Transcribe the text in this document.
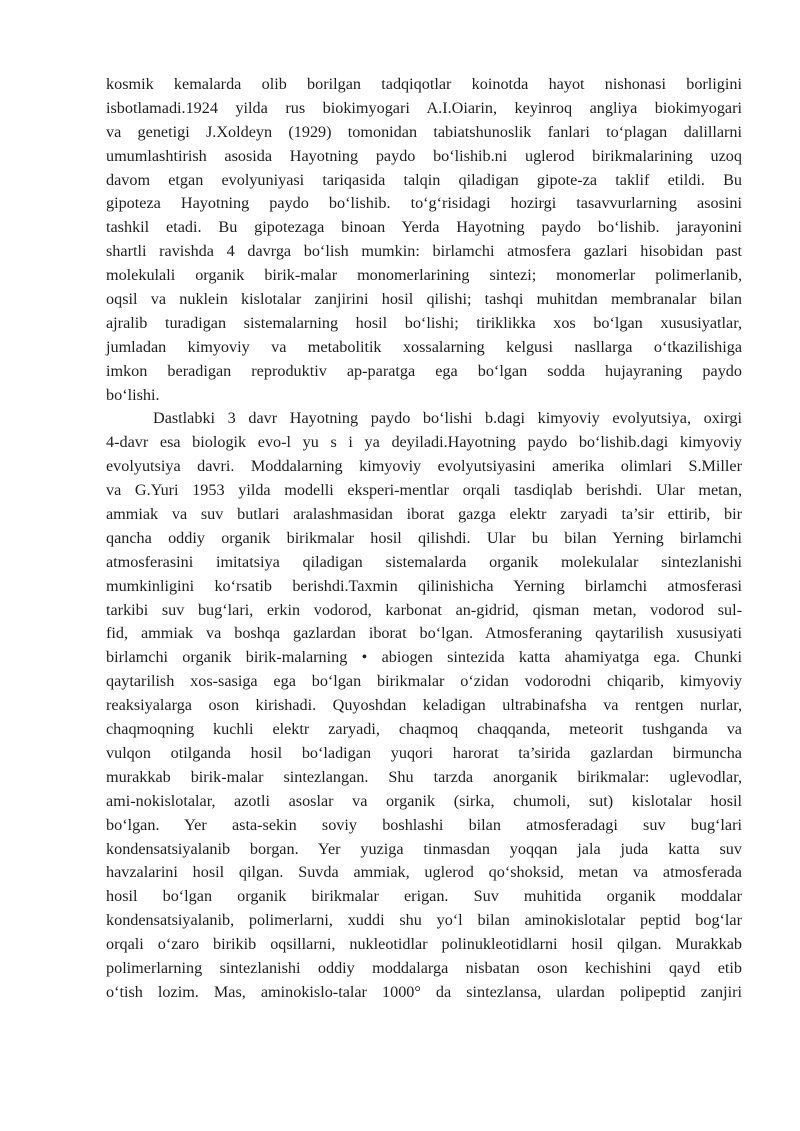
kosmik kemalarda olib borilgan tadqiqotlar koinotda hayot nishonasi borligini
isbotlamadi.1924 yilda rus biokimyogari A.I.Oiarin, keyinroq angliya biokimyogari
va genetigi J.Xoldeyn (1929) tomonidan tabiatshunoslik fanlari to‘plagan dalillarni
umumlashtirish asosida Hayotning paydo bo‘lishib.ni uglerod birikmalarining uzoq
davom etgan evolyuniyasi tariqasida talqin qiladigan gipote-za taklif etildi. Bu
gipoteza Hayotning paydo bo‘lishib. to‘g‘risidagi hozirgi tasavvurlarning asosini
tashkil etadi. Bu gipotezaga binoan Yerda Hayotning paydo bo‘lishib. jarayonini
shartli ravishda 4 davrga bo‘lish mumkin: birlamchi atmosfera gazlari hisobidan past
molekulali organik birik-malar monomerlarining sintezi; monomerlar polimerlanib,
oqsil va nuklein kislotalar zanjirini hosil qilishi; tashqi muhitdan membranalar bilan
ajralib turadigan sistemalarning hosil bo‘lishi; tiriklikka xos bo‘lgan xususiyatlar,
jumladan kimyoviy va metabolitik xossalarning kelgusi nasllarga o‘tkazilishiga
imkon beradigan reproduktiv ap-paratga ega bo‘lgan sodda hujayraning paydo
bo‘lishi.
Dastlabki 3 davr Hayotning paydo bo‘lishi b.dagi kimyoviy evolyutsiya, oxirgi
4-davr esa biologik evo-l yu s i ya deyiladi.Hayotning paydo bo‘lishib.dagi kimyoviy
evolyutsiya davri. Moddalarning kimyoviy evolyutsiyasini amerika olimlari S.Miller
va G.Yuri 1953 yilda modelli eksperi-mentlar orqali tasdiqlab berishdi. Ular metan,
ammiak va suv butlari aralashmasidan iborat gazga elektr zaryadi ta’sir ettirib, bir
qancha oddiy organik birikmalar hosil qilishdi. Ular bu bilan Yerning birlamchi
atmosferasini imitatsiya qiladigan sistemalarda organik molekulalar sintezlanishi
mumkinligini ko‘rsatib berishdi.Taxmin qilinishicha Yerning birlamchi atmosferasi
tarkibi suv bug‘lari, erkin vodorod, karbonat an-gidrid, qisman metan, vodorod sul-
fid, ammiak va boshqa gazlardan iborat bo‘lgan. Atmosferaning qaytarilish xususiyati
birlamchi organik birik-malarning • abiogen sintezida katta ahamiyatga ega. Chunki
qaytarilish xos-sasiga ega bo‘lgan birikmalar o‘zidan vodorodni chiqarib, kimyoviy
reaksiyalarga oson kirishadi. Quyoshdan keladigan ultrabinafsha va rentgen nurlar,
chaqmoqning kuchli elektr zaryadi, chaqmoq chaqqanda, meteorit tushganda va
vulqon otilganda hosil bo‘ladigan yuqori harorat ta’sirida gazlardan birmuncha
murakkab birik-malar sintezlangan. Shu tarzda anorganik birikmalar: uglevodlar,
ami-nokislotalar, azotli asoslar va organik (sirka, chumoli, sut) kislotalar hosil
bo‘lgan. Yer asta-sekin soviy boshlashi bilan atmosferadagi suv bug‘lari
kondensatsiyalanib borgan. Yer yuziga tinmasdan yoqqan jala juda katta suv
havzalarini hosil qilgan. Suvda ammiak, uglerod qo‘shoksid, metan va atmosferada
hosil bo‘lgan organik birikmalar erigan. Suv muhitida organik moddalar
kondensatsiyalanib, polimerlarni, xuddi shu yo‘l bilan aminokislotalar peptid bog‘lar
orqali o‘zaro birikib oqsillarni, nukleotidlar polinukleotidlarni hosil qilgan. Murakkab
polimerlarning sintezlanishi oddiy moddalarga nisbatan oson kechishini qayd etib
o‘tish lozim. Mas, aminokislo-talar 1000° da sintezlansa, ulardan polipeptid zanjiri
